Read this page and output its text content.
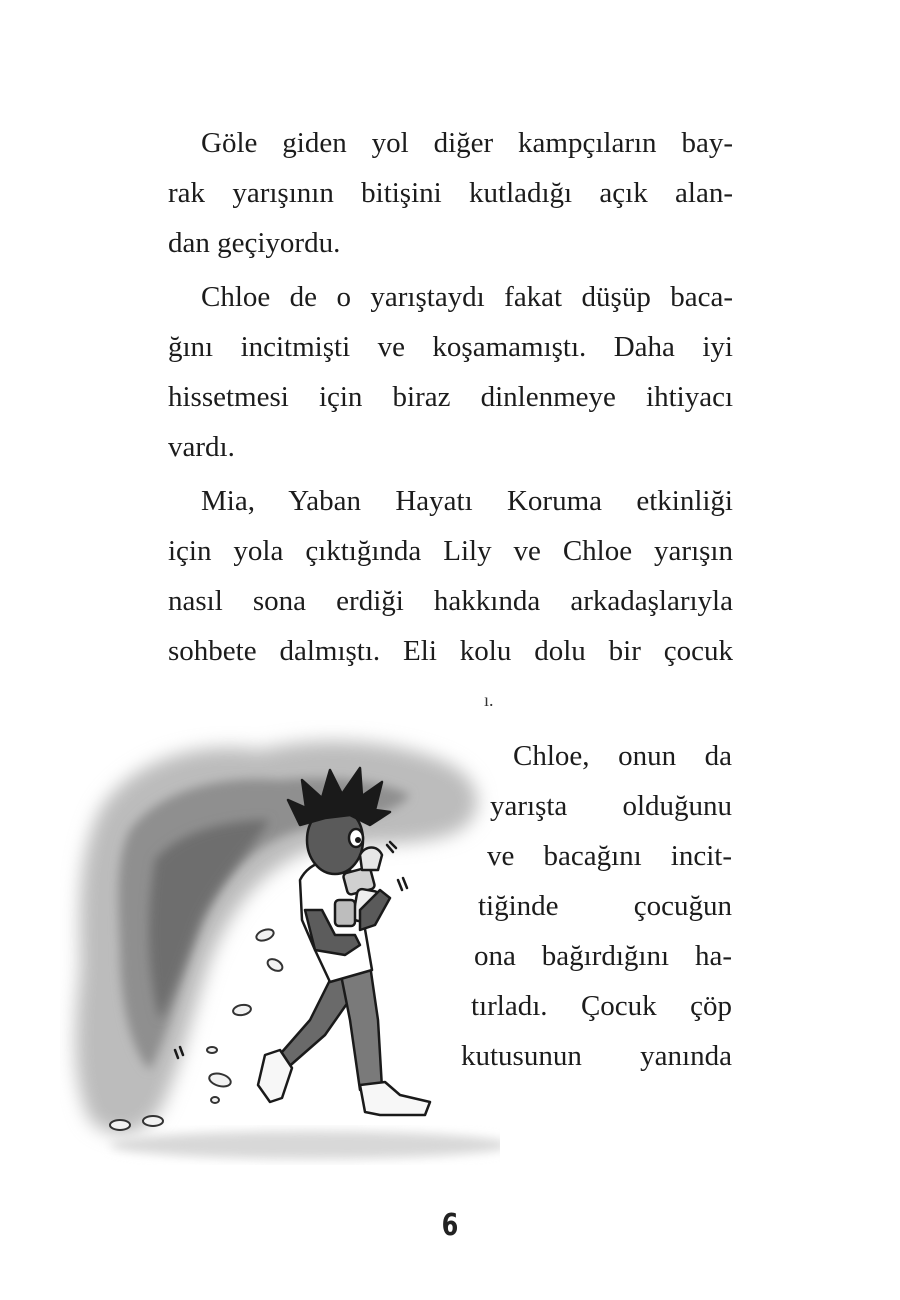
Göle giden yol diğer kampçıların bay-
rak yarışının bitişini kutladığı açık alan-
dan geçiyordu.
Chloe de o yarıştaydı fakat düşüp baca-
ğını incitmişti ve koşamamıştı. Daha iyi
hissetmesi için biraz dinlenmeye ihtiyacı
vardı.
Mia, Yaban Hayatı Koruma etkinliği
için yola çıktığında Lily ve Chloe yarışın
nasıl sona erdiği hakkında arkadaşlarıyla
sohbete dalmıştı. Eli kolu dolu bir çocuk
ı.
Chloe, onun da
yarışta olduğunu
ve bacağını incit-
tiğinde çocuğun
ona bağırdığını ha-
tırladı. Çocuk çöp
kutusunun yanında
6
